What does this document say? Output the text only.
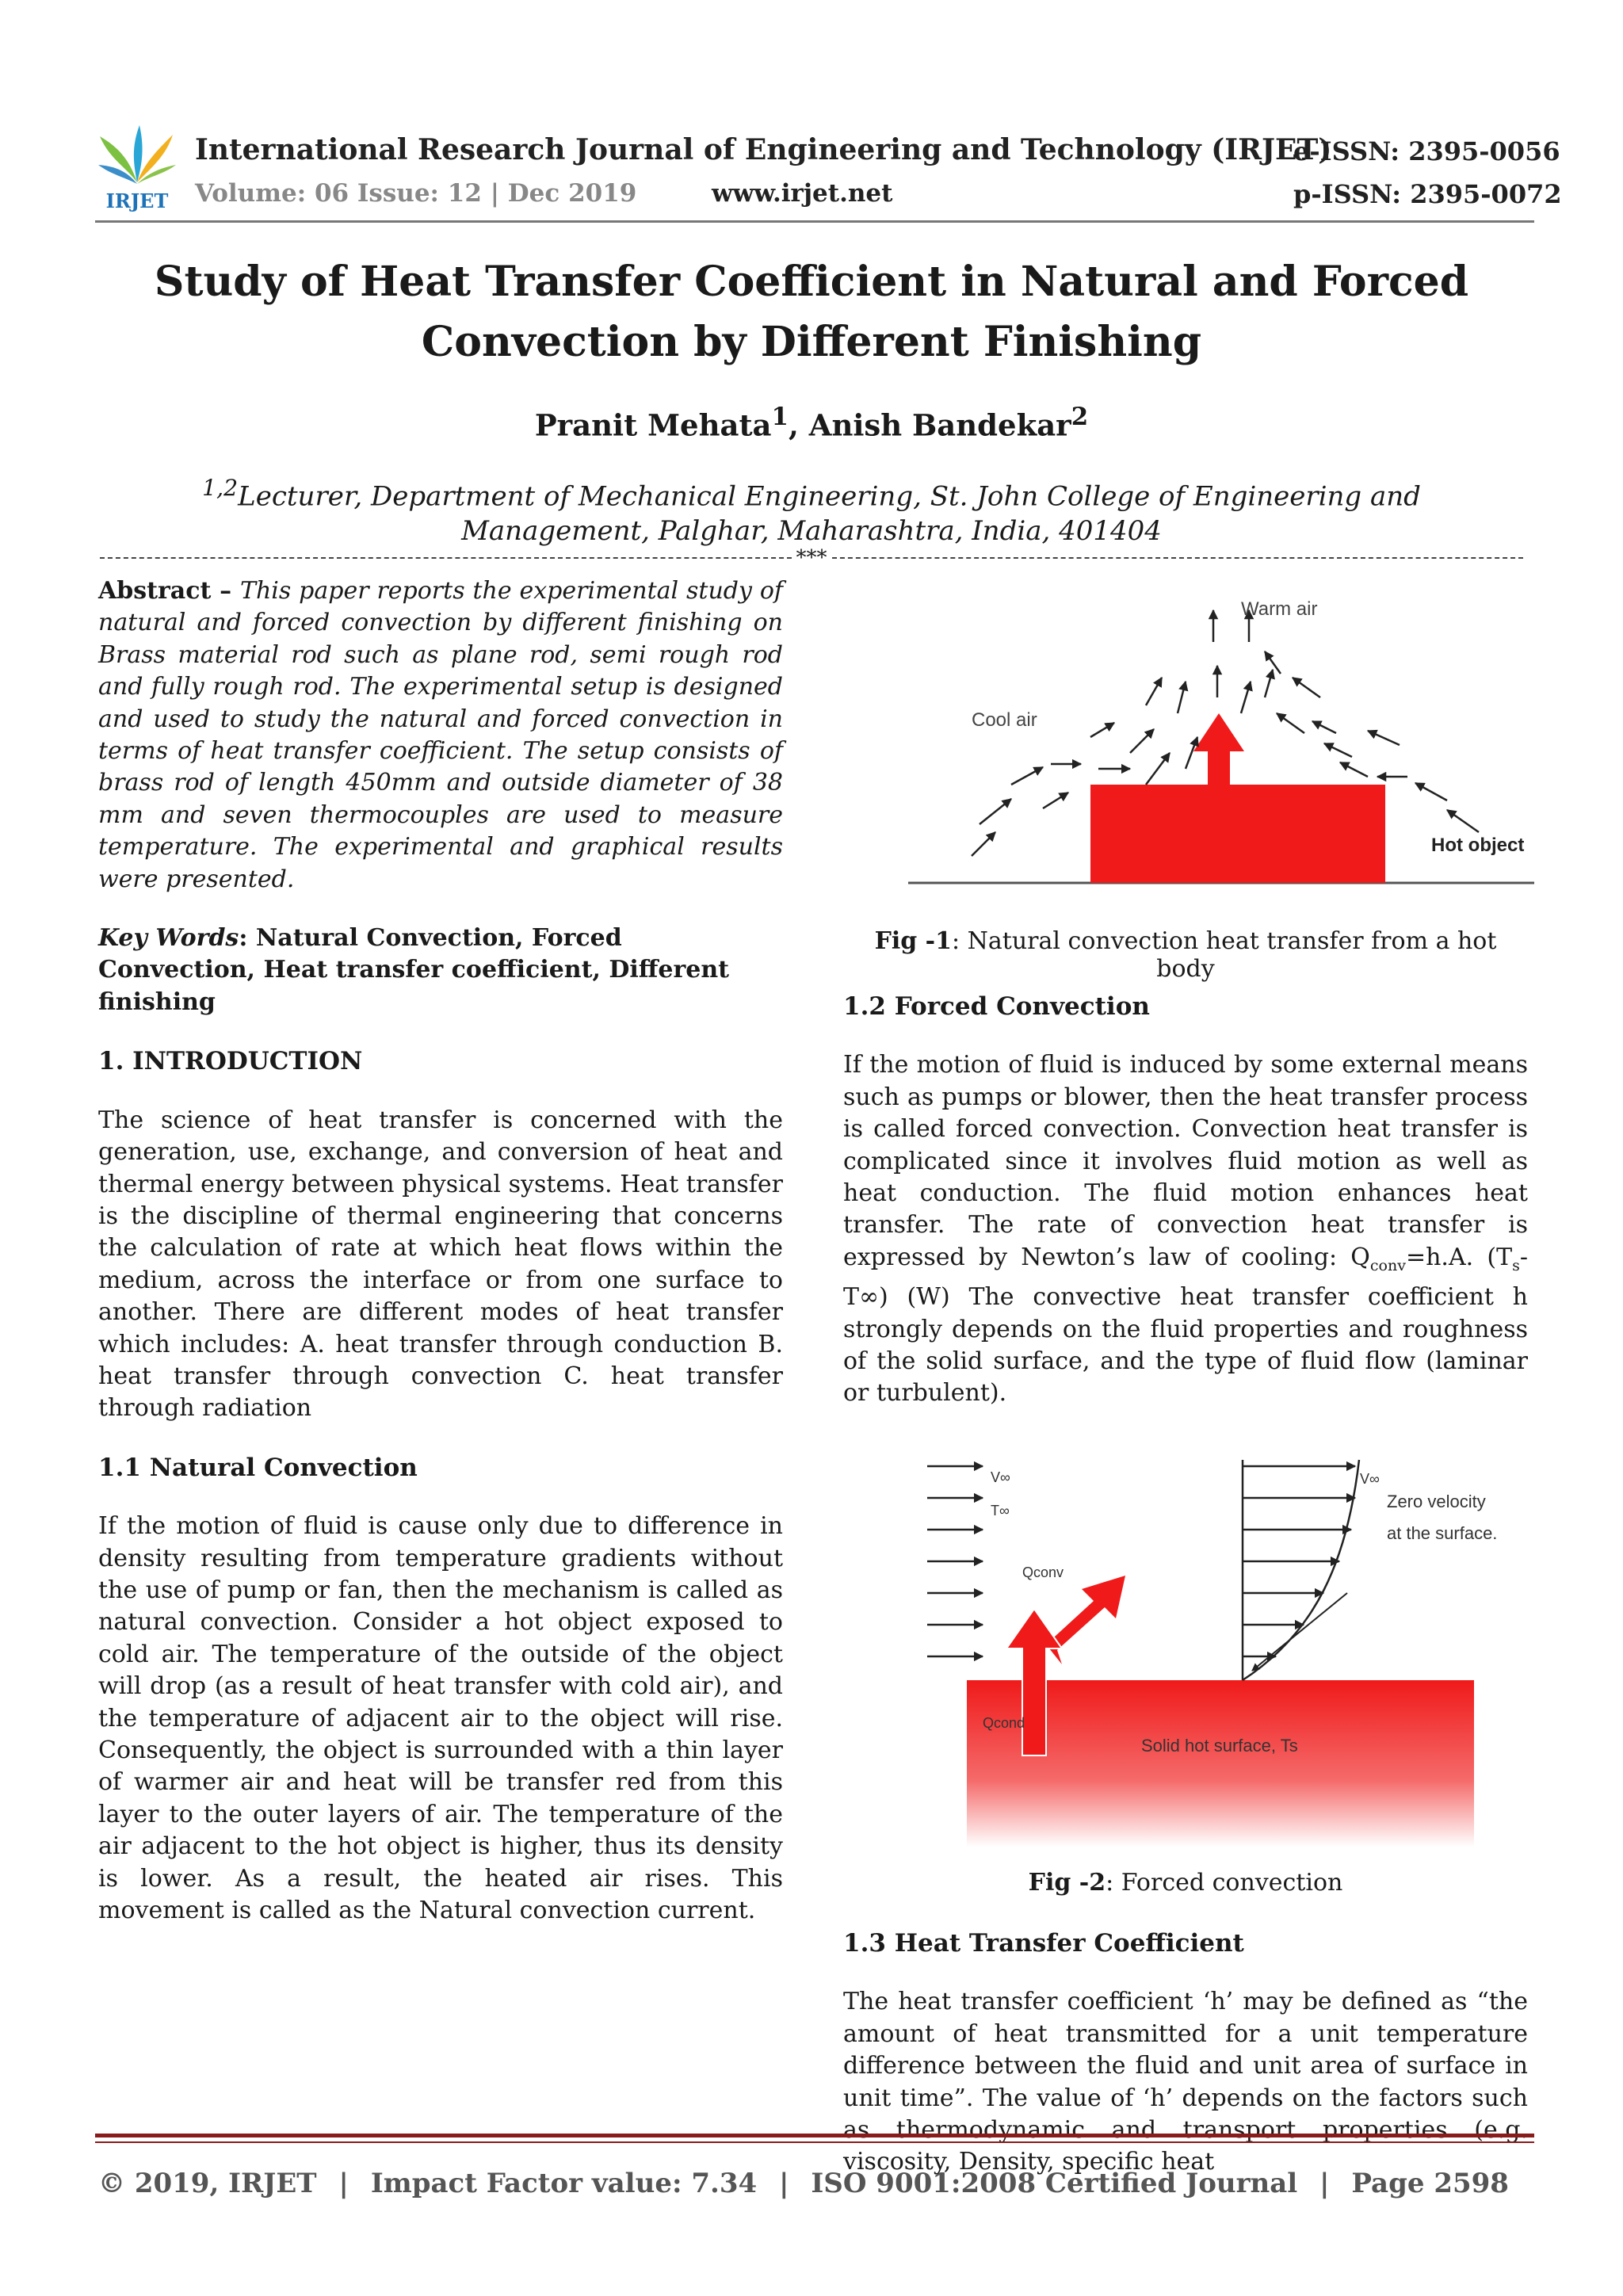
IRJET
International Research Journal of Engineering and Technology (IRJET)
e-ISSN: 2395-0056
Volume: 06 Issue: 12 | Dec 2019	www.irjet.net	p-ISSN: 2395-0072
Study of Heat Transfer Coefficient in Natural and Forced Convection by Different Finishing
Pranit Mehata$^1$, Anish Bandekar$^2$
$^{1,2}$Lecturer, Department of Mechanical Engineering, St. John College of Engineering and Management, Palghar, Maharashtra, India, 401404
***

Abstract – This paper reports the experimental study of natural and forced convection by different finishing on Brass material rod such as plane rod, semi rough rod and fully rough rod. The experimental setup is designed and used to study the natural and forced convection in terms of heat transfer coefficient. The setup consists of brass rod of length 450mm and outside diameter of 38 mm and seven thermocouples are used to measure temperature. The experimental and graphical results were presented.

Key Words: Natural Convection, Forced Convection, Heat transfer coefficient, Different finishing

1. INTRODUCTION

The science of heat transfer is concerned with the generation, use, exchange, and conversion of heat and thermal energy between physical systems. Heat transfer is the discipline of thermal engineering that concerns the calculation of rate at which heat flows within the medium, across the interface or from one surface to another. There are different modes of heat transfer which includes: A. heat transfer through conduction B. heat transfer through convection C. heat transfer through radiation

1.1 Natural Convection

If the motion of fluid is cause only due to difference in density resulting from temperature gradients without the use of pump or fan, then the mechanism is called as natural convection. Consider a hot object exposed to cold air. The temperature of the outside of the object will drop (as a result of heat transfer with cold air), and the temperature of adjacent air to the object will rise. Consequently, the object is surrounded with a thin layer of warmer air and heat will be transfer red from this layer to the outer layers of air. The temperature of the air adjacent to the hot object is higher, thus its density is lower. As a result, the heated air rises. This movement is called as the Natural convection current.

Warm air
Cool air
Hot object
Fig -1: Natural convection heat transfer from a hot body
1.2 Forced Convection

If the motion of fluid is induced by some external means such as pumps or blower, then the heat transfer process is called forced convection. Convection heat transfer is complicated since it involves fluid motion as well as heat conduction. The fluid motion enhances heat transfer. The rate of convection heat transfer is expressed by Newton’s law of cooling: $Q_{conv}=h.A$. $(T_s-T\infty)$ (W) The convective heat transfer coefficient h strongly depends on the fluid properties and roughness of the solid surface, and the type of fluid flow (laminar or turbulent).

V∞
T∞
V∞
Qconv
Zero velocity
at the surface.
Qcond
Solid hot surface, Ts
Fig -2: Forced convection
1.3 Heat Transfer Coefficient

The heat transfer coefficient ‘h’ may be defined as “the amount of heat transmitted for a unit temperature difference between the fluid and unit area of surface in unit time”. The value of ‘h’ depends on the factors such as thermodynamic and transport properties (e.g. viscosity, Density, specific heat

© 2019, IRJET | Impact Factor value: 7.34 | ISO 9001:2008 Certified Journal | Page 2598
